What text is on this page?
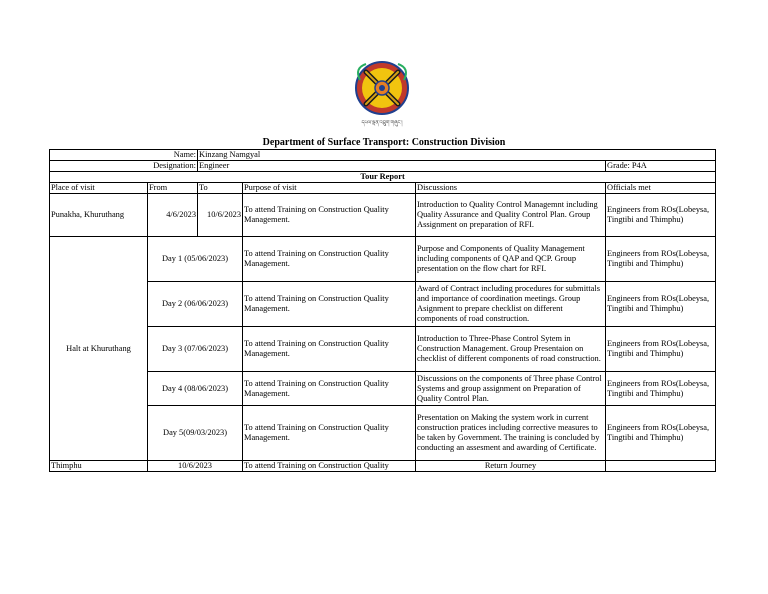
དཔལ་ལྡན་འབྲུག་གཞུང་།
Department of Surface Transport: Construction Division
Name:		Kinzang Namgyal			
Designation:		Engineer			Grade: P4A
Tour Report					
Place of visit	From	To	Purpose of visit	Discussions	Officials met
Punakha, Khuruthang	4/6/2023	10/6/2023	To attend Training on Construction Quality Management.	Introduction to Quality Control Managemnt including Quality Assurance and Quality Control Plan. Group Assignment on preparation of RFI.	Engineers from ROs(Lobeysa, Tingtibi and Thimphu)
Halt at Khuruthang	Day 1 (05/06/2023)		To attend Training on Construction Quality Management.	Purpose and Components of Quality Management including components of QAP and QCP. Group presentation on the flow chart for RFI.	Engineers from ROs(Lobeysa, Tingtibi and Thimphu)
	Day 2 (06/06/2023)		To attend Training on Construction Quality Management.	Award of Contract including procedures for submittals and importance of coordination meetings. Group Asignment to prepare checklist on different components of road construction.	Engineers from ROs(Lobeysa, Tingtibi and Thimphu)
	Day 3 (07/06/2023)		To attend Training on Construction Quality Management.	Introduction to Three-Phase Control Sytem in Construction Management. Group Presentaion on checklist of different components of road construction.	Engineers from ROs(Lobeysa, Tingtibi and Thimphu)
	Day 4 (08/06/2023)		To attend Training on Construction Quality Management.	Discussions on the components of Three phase Control Systems and group assignment on Preparation of Quality Control Plan.	Engineers from ROs(Lobeysa, Tingtibi and Thimphu)
	Day 5(09/03/2023)		To attend Training on Construction Quality Management.	Presentation on Making the system work in current construction pratices including corrective measures to be taken by Government. The training is concluded by conducting an assesment and awarding of Certificate.	Engineers from ROs(Lobeysa, Tingtibi and Thimphu)
Thimphu	10/6/2023		To attend Training on Construction Quality	Return Journey	
